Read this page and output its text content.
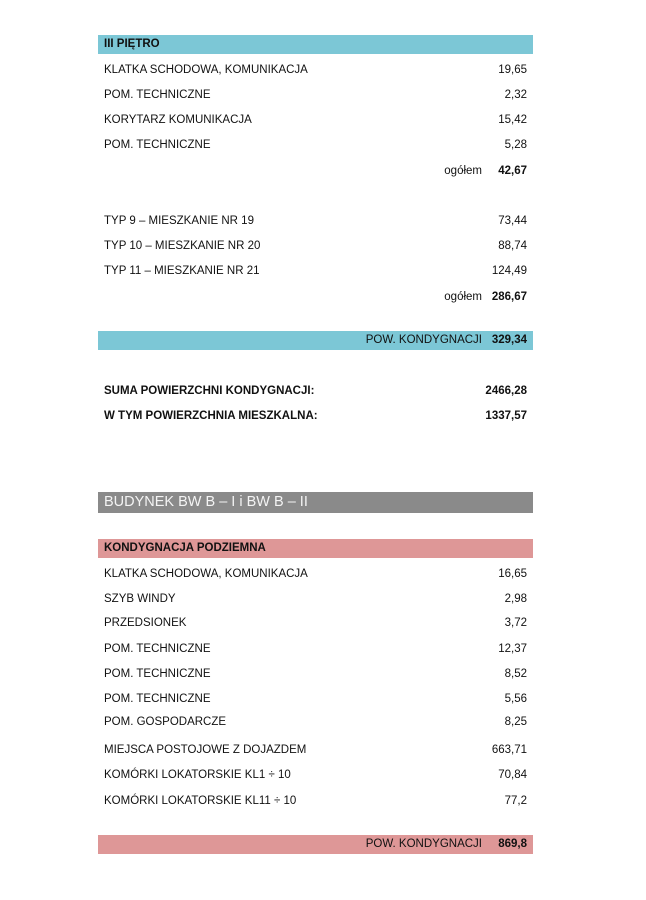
III PIĘTRO
KLATKA SCHODOWA, KOMUNIKACJA	19,65
POM. TECHNICZNE	2,32
KORYTARZ KOMUNIKACJA	15,42
POM. TECHNICZNE	5,28
ogółem 42,67
TYP 9 – MIESZKANIE NR 19	73,44
TYP 10 – MIESZKANIE NR 20	88,74
TYP 11 – MIESZKANIE NR 21	124,49
ogółem 286,67
POW. KONDYGNACJI 329,34
SUMA POWIERZCHNI KONDYGNACJI:	2466,28
W TYM POWIERZCHNIA MIESZKALNA:	1337,57
BUDYNEK BW B – I i BW B – II
KONDYGNACJA PODZIEMNA
KLATKA SCHODOWA, KOMUNIKACJA	16,65
SZYB WINDY	2,98
PRZEDSIONEK	3,72
POM. TECHNICZNE	12,37
POM. TECHNICZNE	8,52
POM. TECHNICZNE	5,56
POM. GOSPODARCZE	8,25
MIEJSCA POSTOJOWE Z DOJAZDEM	663,71
KOMÓRKI LOKATORSKIE KL1 ÷ 10	70,84
KOMÓRKI LOKATORSKIE KL11 ÷ 10	77,2
POW. KONDYGNACJI 869,8
